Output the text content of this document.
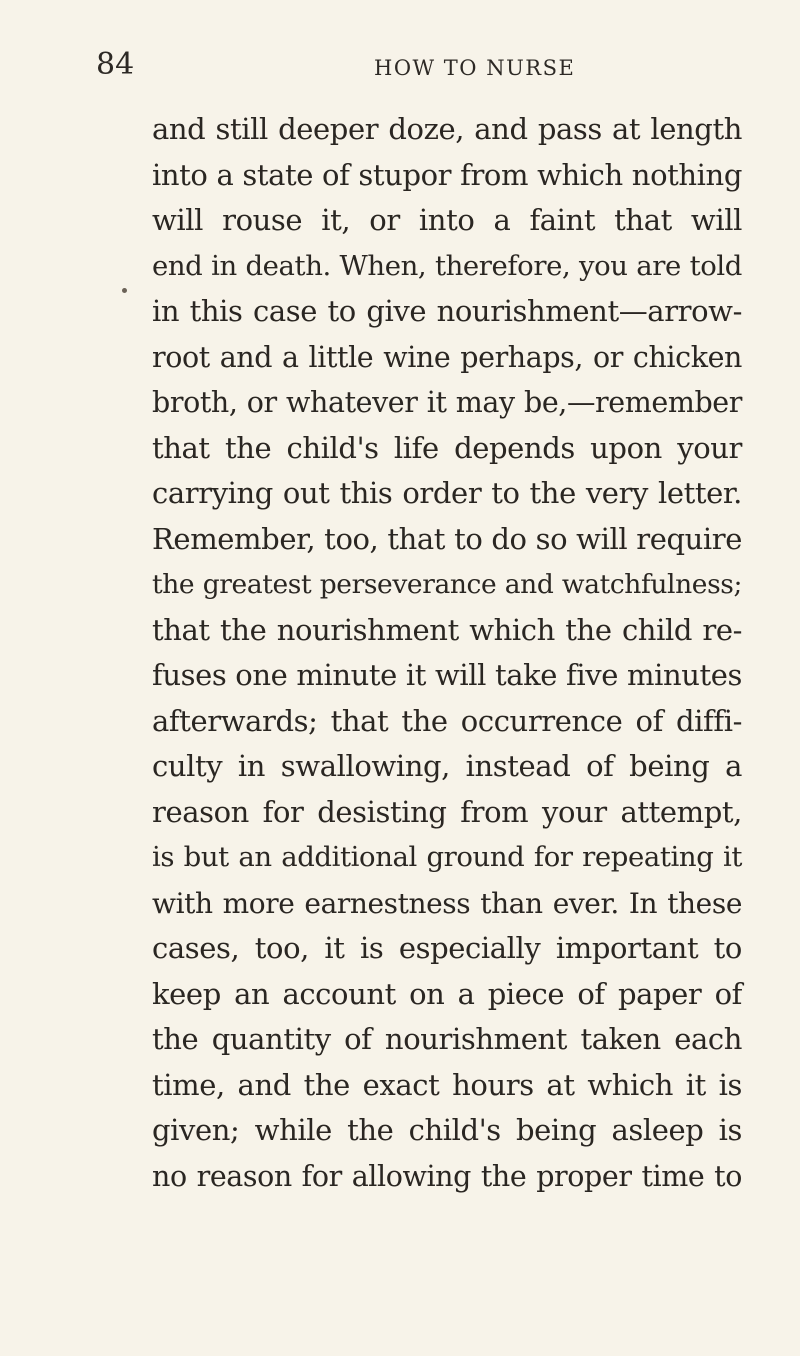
84	HOW TO NURSE
and still deeper doze, and pass at length
into a state of stupor from which nothing
will rouse it, or into a faint that will
end in death. When, therefore, you are told
in this case to give nourishment—arrow-
root and a little wine perhaps, or chicken
broth, or whatever it may be,—remember
that the child's life depends upon your
carrying out this order to the very letter.
Remember, too, that to do so will require
the greatest perseverance and watchfulness;
that the nourishment which the child re-
fuses one minute it will take five minutes
afterwards; that the occurrence of diffi-
culty in swallowing, instead of being a
reason for desisting from your attempt,
is but an additional ground for repeating it
with more earnestness than ever. In these
cases, too, it is especially important to
keep an account on a piece of paper of
the quantity of nourishment taken each
time, and the exact hours at which it is
given; while the child's being asleep is
no reason for allowing the proper time to
